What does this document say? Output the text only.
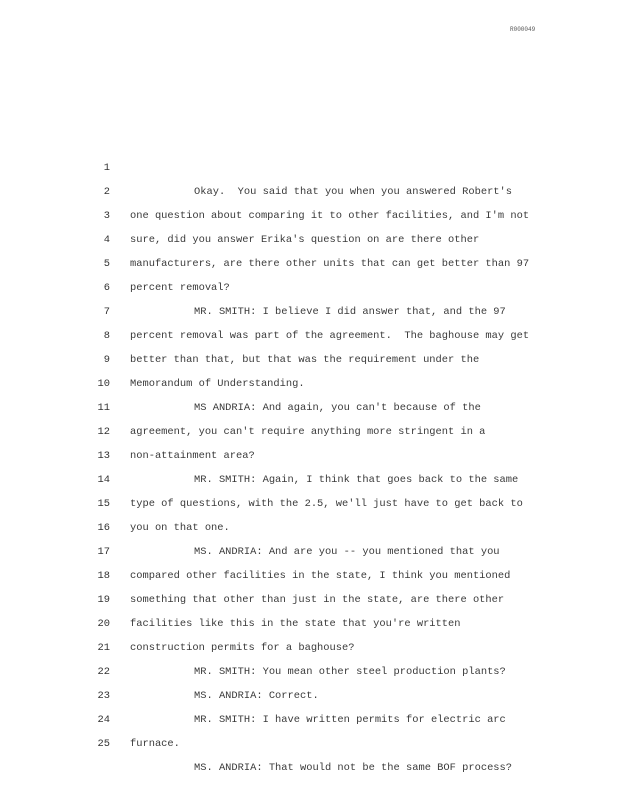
R000049

1

Okay.  You said that you when you answered Robert's

2

one question about comparing it to other facilities, and I'm not

3

sure, did you answer Erika's question on are there other

4

manufacturers, are there other units that can get better than 97

5

percent removal?

6

MR. SMITH: I believe I did answer that, and the 97

7

percent removal was part of the agreement.  The baghouse may get

8

better than that, but that was the requirement under the

9

Memorandum of Understanding.

10

MS ANDRIA: And again, you can't because of the

11

agreement, you can't require anything more stringent in a

12

non-attainment area?

13

MR. SMITH: Again, I think that goes back to the same

14

type of questions, with the 2.5, we'll just have to get back to

15

you on that one.

16

MS. ANDRIA: And are you -- you mentioned that you

17

compared other facilities in the state, I think you mentioned

18

something that other than just in the state, are there other

19

facilities like this in the state that you're written

20

construction permits for a baghouse?

21

MR. SMITH: You mean other steel production plants?

22

MS. ANDRIA: Correct.

23

MR. SMITH: I have written permits for electric arc

24

furnace.

25

MS. ANDRIA: That would not be the same BOF process?
